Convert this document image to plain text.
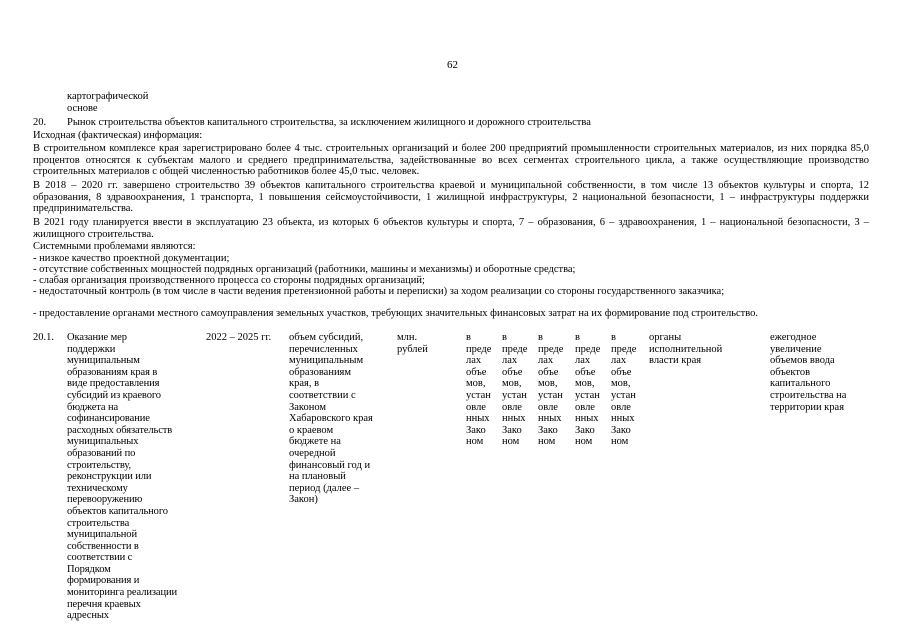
62
картографической
основе
20. Рынок строительства объектов капитального строительства, за исключением жилищного и дорожного строительства
Исходная (фактическая) информация:
В строительном комплексе края зарегистрировано более 4 тыс. строительных организаций и более 200 предприятий промышленности строительных материалов, из них порядка 85,0 процентов относятся к субъектам малого и среднего предпринимательства, задействованные во всех сегментах строительного цикла, а также осуществляющие производство строительных материалов с общей численностью работников более 45,0 тыс. человек.
В 2018 – 2020 гг. завершено строительство 39 объектов капитального строительства краевой и муниципальной собственности, в том числе 13 объектов культуры и спорта, 12 образования, 8 здравоохранения, 1 транспорта, 1 повышения сейсмоустойчивости, 1 жилищной инфраструктуры, 2 национальной безопасности, 1 – инфраструктуры поддержки предпринимательства.
В 2021 году планируется ввести в эксплуатацию 23 объекта, из которых 6 объектов культуры и спорта, 7 – образования, 6 – здравоохранения, 1 – национальной безопасности, 3 – жилищного строительства.
Системными проблемами являются:
- низкое качество проектной документации;
- отсутствие собственных мощностей подрядных организаций (работники, машины и механизмы) и оборотные средства;
- слабая организация производственного процесса со стороны подрядных организаций;
- недостаточный контроль (в том числе в части ведения претензионной работы и переписки) за ходом реализации со стороны государственного заказчика;
- предоставление органами местного самоуправления земельных участков, требующих значительных финансовых затрат на их формирование под строительство.
20.1. Оказание мер
поддержки
муниципальным
образованиям края в
виде предоставления
субсидий из краевого
бюджета на
софинансирование
расходных обязательств
муниципальных
образований по
строительству,
реконструкции или
техническому
перевооружению
объектов капитального
строительства
муниципальной
собственности в
соответствии с
Порядком
формирования и
мониторинга реализации
перечня краевых
адресных
2022 – 2025 гг. объем субсидий,
перечисленных
муниципальным
образованиям
края, в
соответствии с
Законом
Хабаровского края
о краевом
бюджете на
очередной
финансовый год и
на плановый
период (далее –
Закон)
млн.
рублей
в
преде
лах
объе
мов,
устан
овле
нных
Зако
ном
в
преде
лах
объе
мов,
устан
овле
нных
Зако
ном
в
преде
лах
объе
мов,
устан
овле
нных
Зако
ном
в
преде
лах
объе
мов,
устан
овле
нных
Зако
ном
в
преде
лах
объе
мов,
устан
овле
нных
Зако
ном
органы
исполнительной
власти края
ежегодное
увеличение
объемов ввода
объектов
капитального
строительства на
территории края
